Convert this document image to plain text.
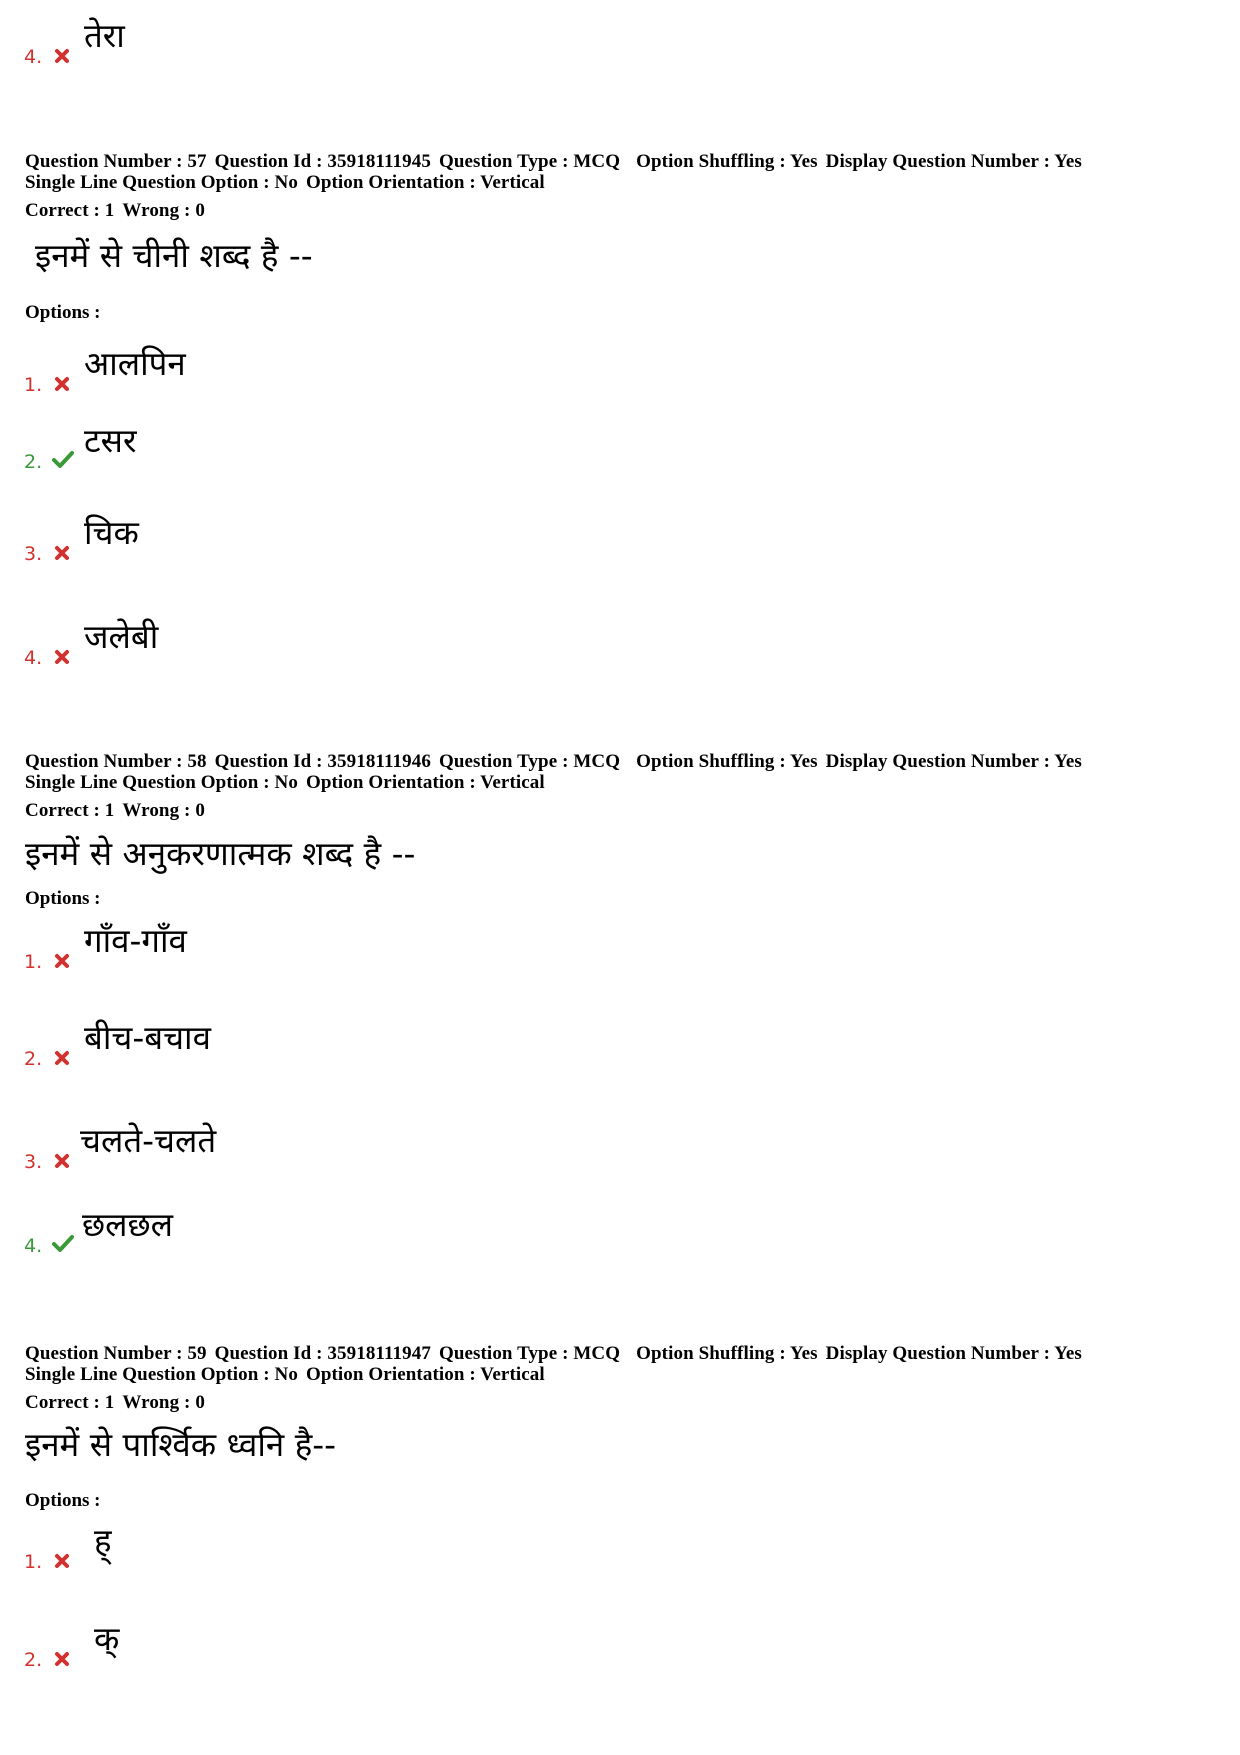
4.
तेरा
Question Number : 57 Question Id : 35918111945 Question Type : MCQ Option Shuffling : Yes Display Question Number : Yes
Single Line Question Option : No Option Orientation : Vertical
Correct : 1 Wrong : 0
इनमें से चीनी शब्द है --
Options :
1.
आलपिन
2.
टसर
3.
चिक
4.
जलेबी
Question Number : 58 Question Id : 35918111946 Question Type : MCQ Option Shuffling : Yes Display Question Number : Yes
Single Line Question Option : No Option Orientation : Vertical
Correct : 1 Wrong : 0
इनमें से अनुकरणात्मक शब्द है --
Options :
1.
गाँव-गाँव
2.
बीच-बचाव
3.
चलते-चलते
4.
छलछल
Question Number : 59 Question Id : 35918111947 Question Type : MCQ Option Shuffling : Yes Display Question Number : Yes
Single Line Question Option : No Option Orientation : Vertical
Correct : 1 Wrong : 0
इनमें से पार्श्विक ध्वनि है--
Options :
1.
ह्
2.
क्
